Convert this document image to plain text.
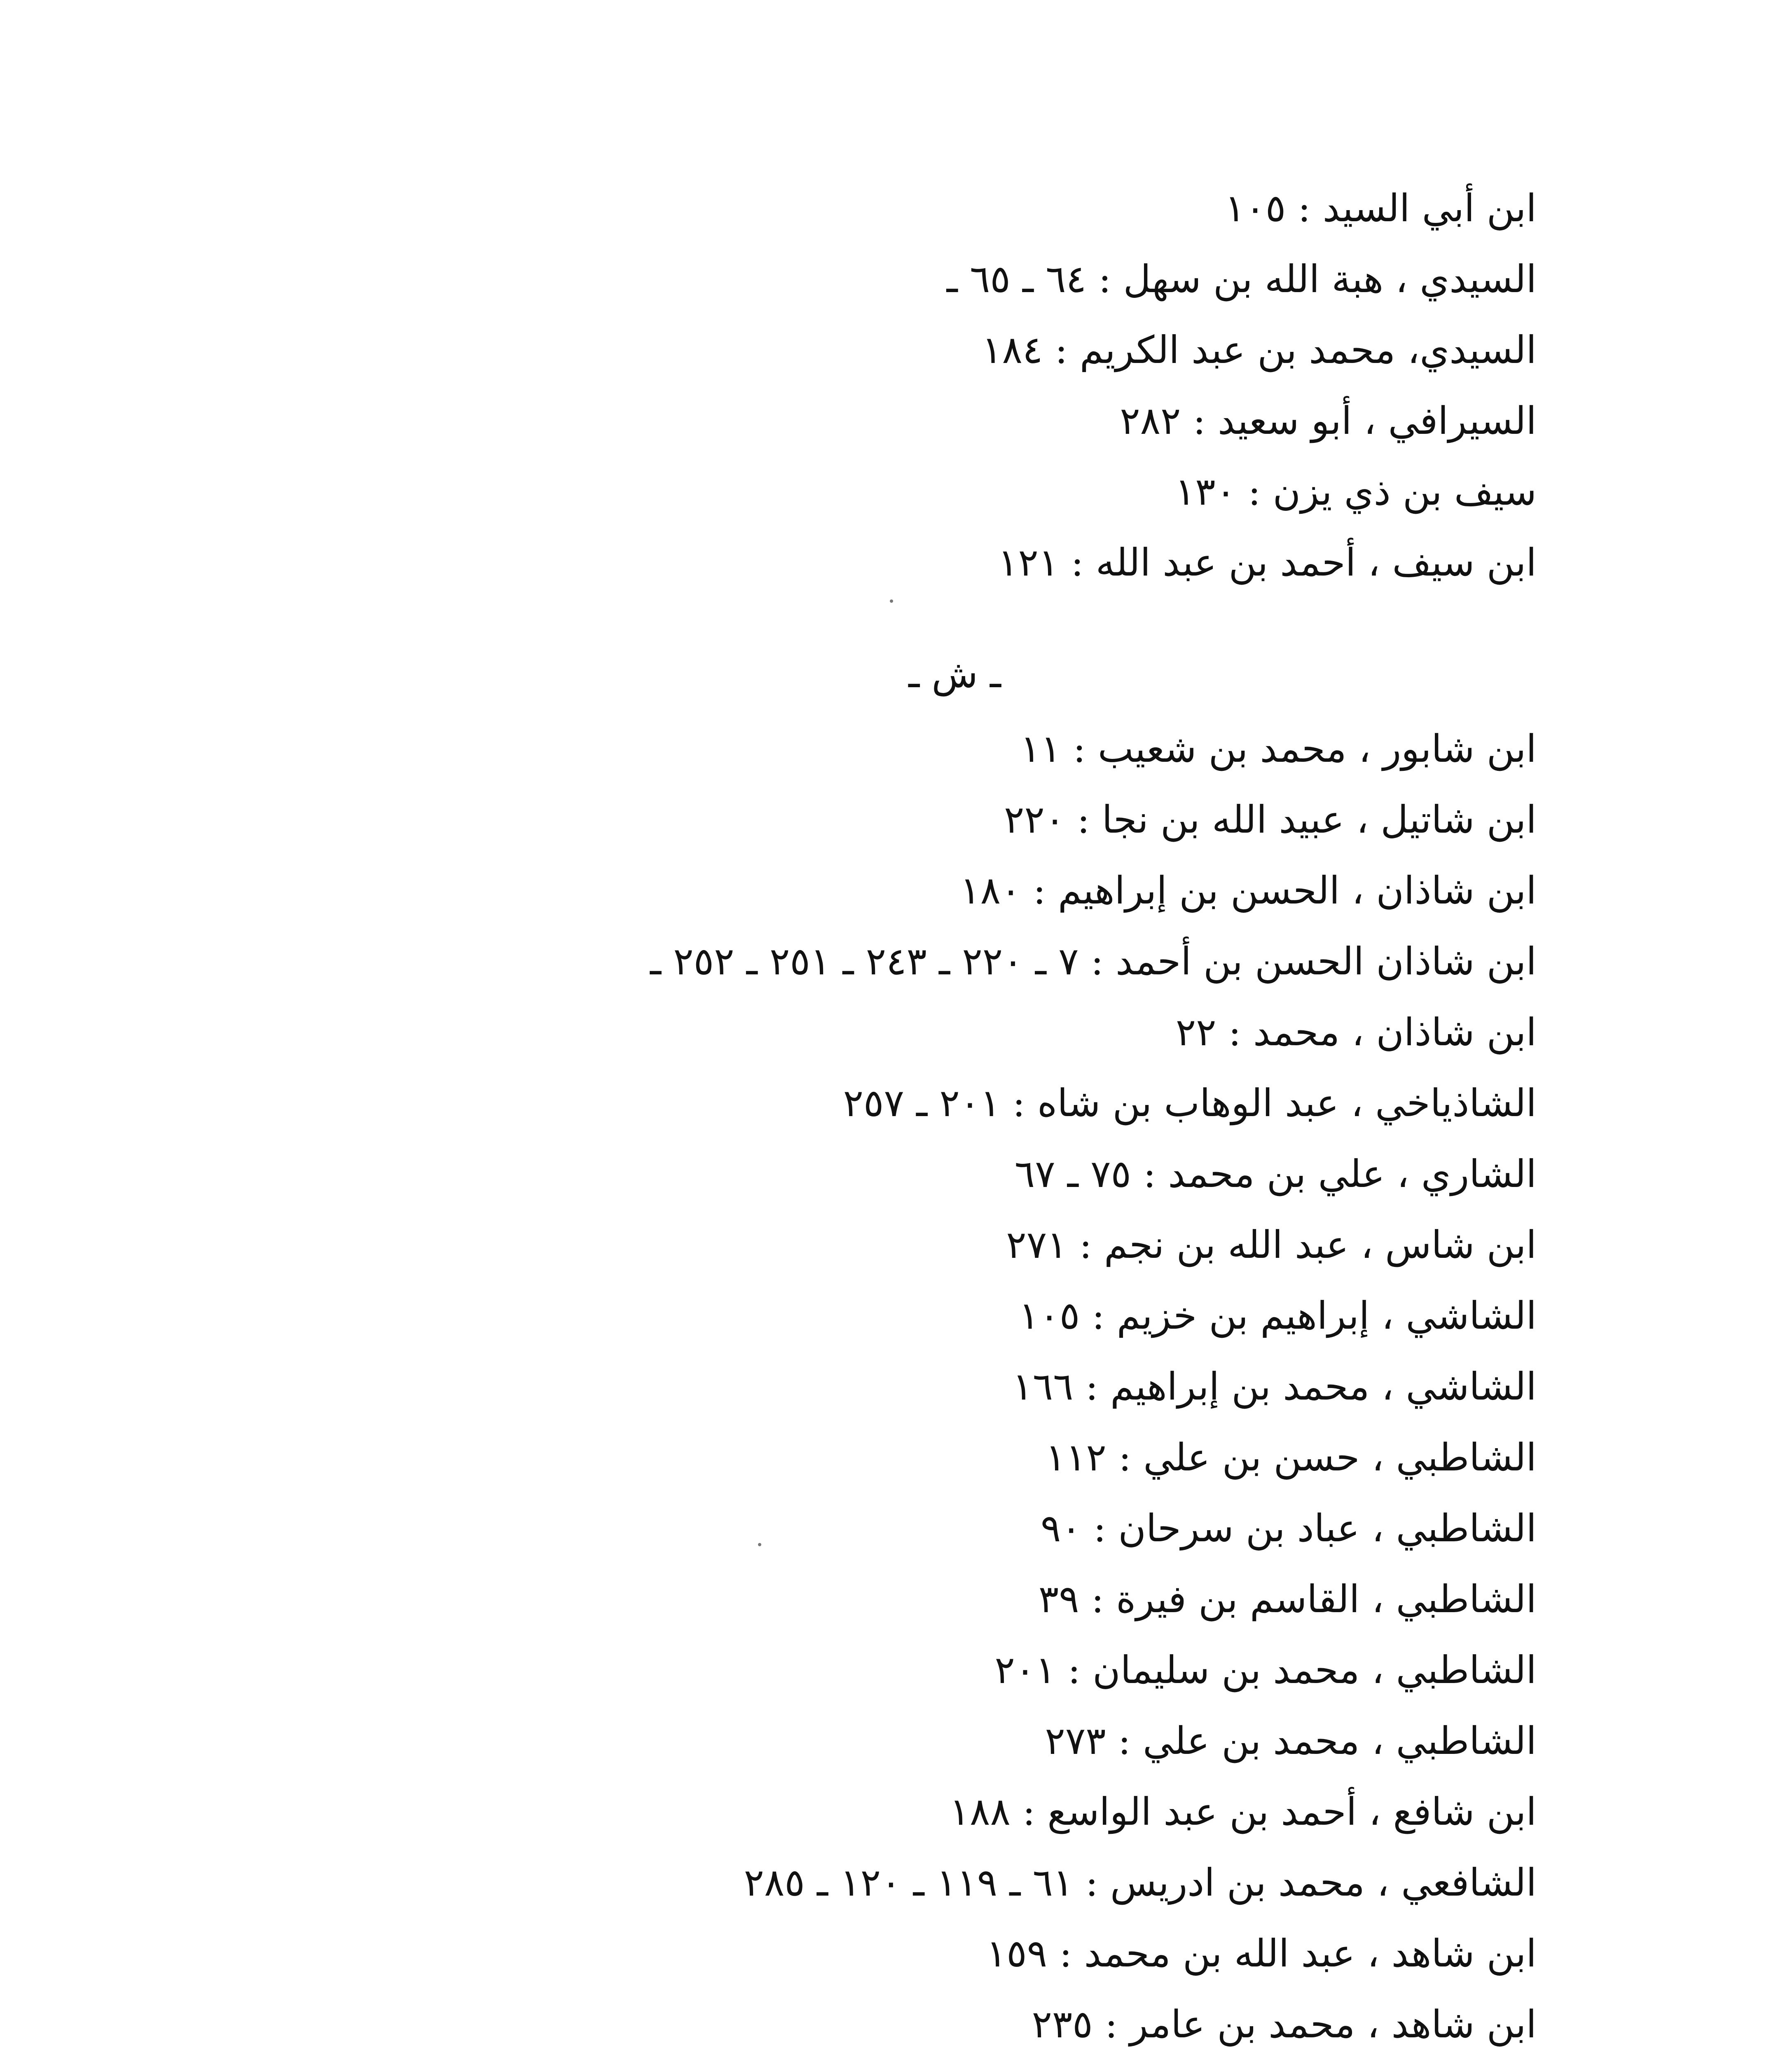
ابن أبي السيد : ١٠٥
السيدي ، هبة الله بن سهل : ٦٤ ـ ٦٥ ـ
السيدي، محمد بن عبد الكريم : ١٨٤
السيرافي ، أبو سعيد : ٢٨٢
سيف بن ذي يزن : ١٣٠
ابن سيف ، أحمد بن عبد الله : ١٢١
ـ ش ـ
ابن شابور ، محمد بن شعيب : ١١
ابن شاتيل ، عبيد الله بن نجا : ٢٢٠
ابن شاذان ، الحسن بن إبراهيم : ١٨٠
ابن شاذان الحسن بن أحمد : ٧ ـ ٢٢٠ ـ ٢٤٣ ـ ٢٥١ ـ ٢٥٢ ـ
ابن شاذان ، محمد : ٢٢
الشاذياخي ، عبد الوهاب بن شاه : ٢٠١ ـ ٢٥٧
الشاري ، علي بن محمد : ٧٥ ـ ٦٧
ابن شاس ، عبد الله بن نجم : ٢٧١
الشاشي ، إبراهيم بن خزيم : ١٠٥
الشاشي ، محمد بن إبراهيم : ١٦٦
الشاطبي ، حسن بن علي : ١١٢
الشاطبي ، عباد بن سرحان : ٩٠
الشاطبي ، القاسم بن فيرة : ٣٩
الشاطبي ، محمد بن سليمان : ٢٠١
الشاطبي ، محمد بن علي : ٢٧٣
ابن شافع ، أحمد بن عبد الواسع : ١٨٨
الشافعي ، محمد بن ادريس : ٦١ ـ ١١٩ ـ ١٢٠ ـ ٢٨٥
ابن شاهد ، عبد الله بن محمد : ١٥٩
ابن شاهد ، محمد بن عامر : ٢٣٥
